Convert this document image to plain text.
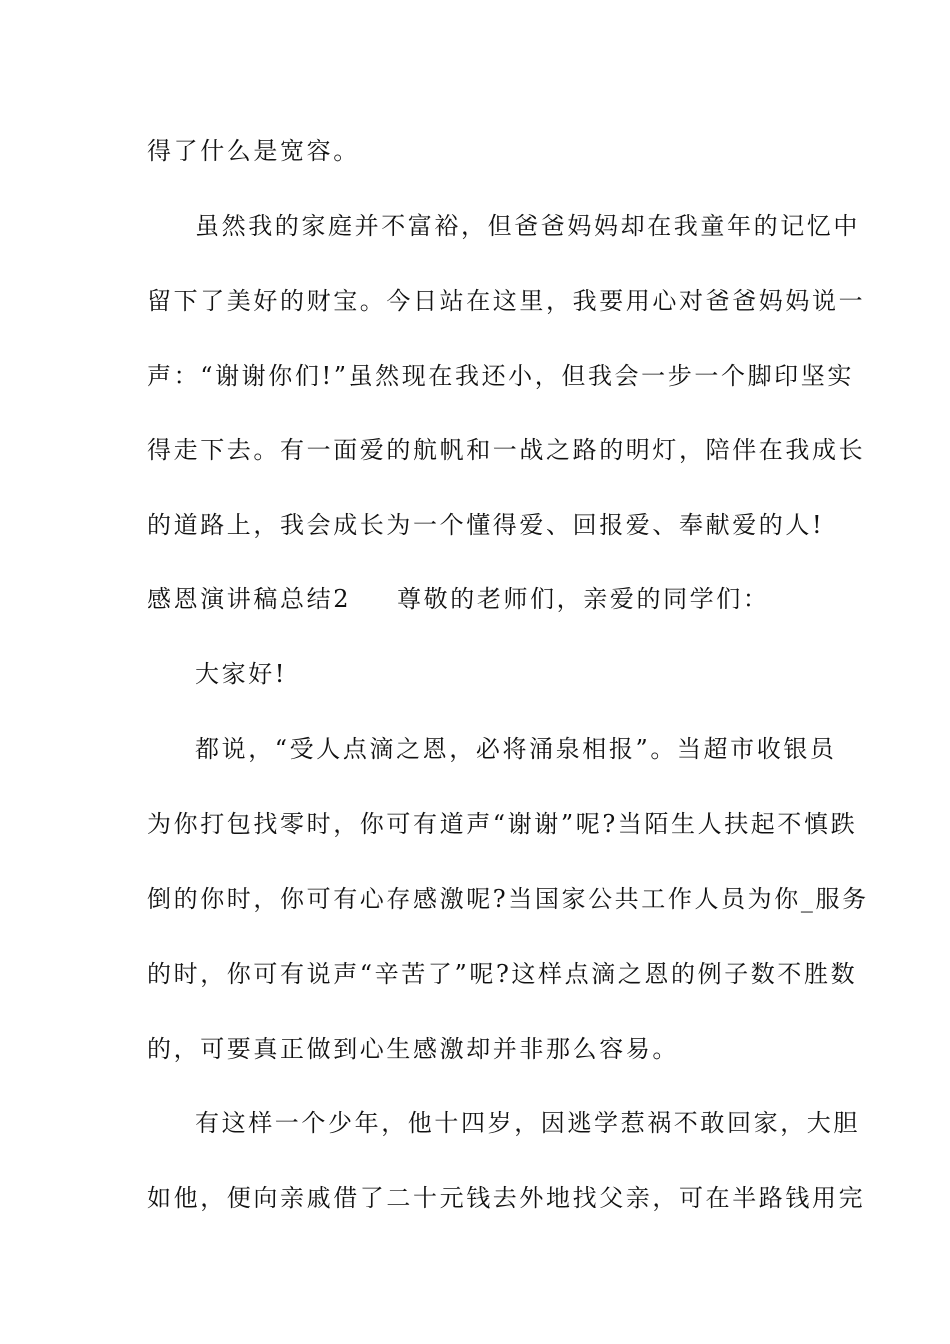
得了什么是宽容。
虽然我的家庭并不富裕，但爸爸妈妈却在我童年的记忆中
留下了美好的财宝。今日站在这里，我要用心对爸爸妈妈说一
声：“谢谢你们!”虽然现在我还小，但我会一步一个脚印坚实
得走下去。有一面爱的航帆和一战之路的明灯，陪伴在我成长
的道路上，我会成长为一个懂得爱、回报爱、奉献爱的人!
感恩演讲稿总结2 尊敬的老师们，亲爱的同学们：
大家好!
都说，“受人点滴之恩，必将涌泉相报”。当超市收银员
为你打包找零时，你可有道声“谢谢”呢?当陌生人扶起不慎跌
倒的你时，你可有心存感激呢?当国家公共工作人员为你_服务
的时，你可有说声“辛苦了”呢?这样点滴之恩的例子数不胜数
的，可要真正做到心生感激却并非那么容易。
有这样一个少年，他十四岁，因逃学惹祸不敢回家，大胆
如他，便向亲戚借了二十元钱去外地找父亲，可在半路钱用完
